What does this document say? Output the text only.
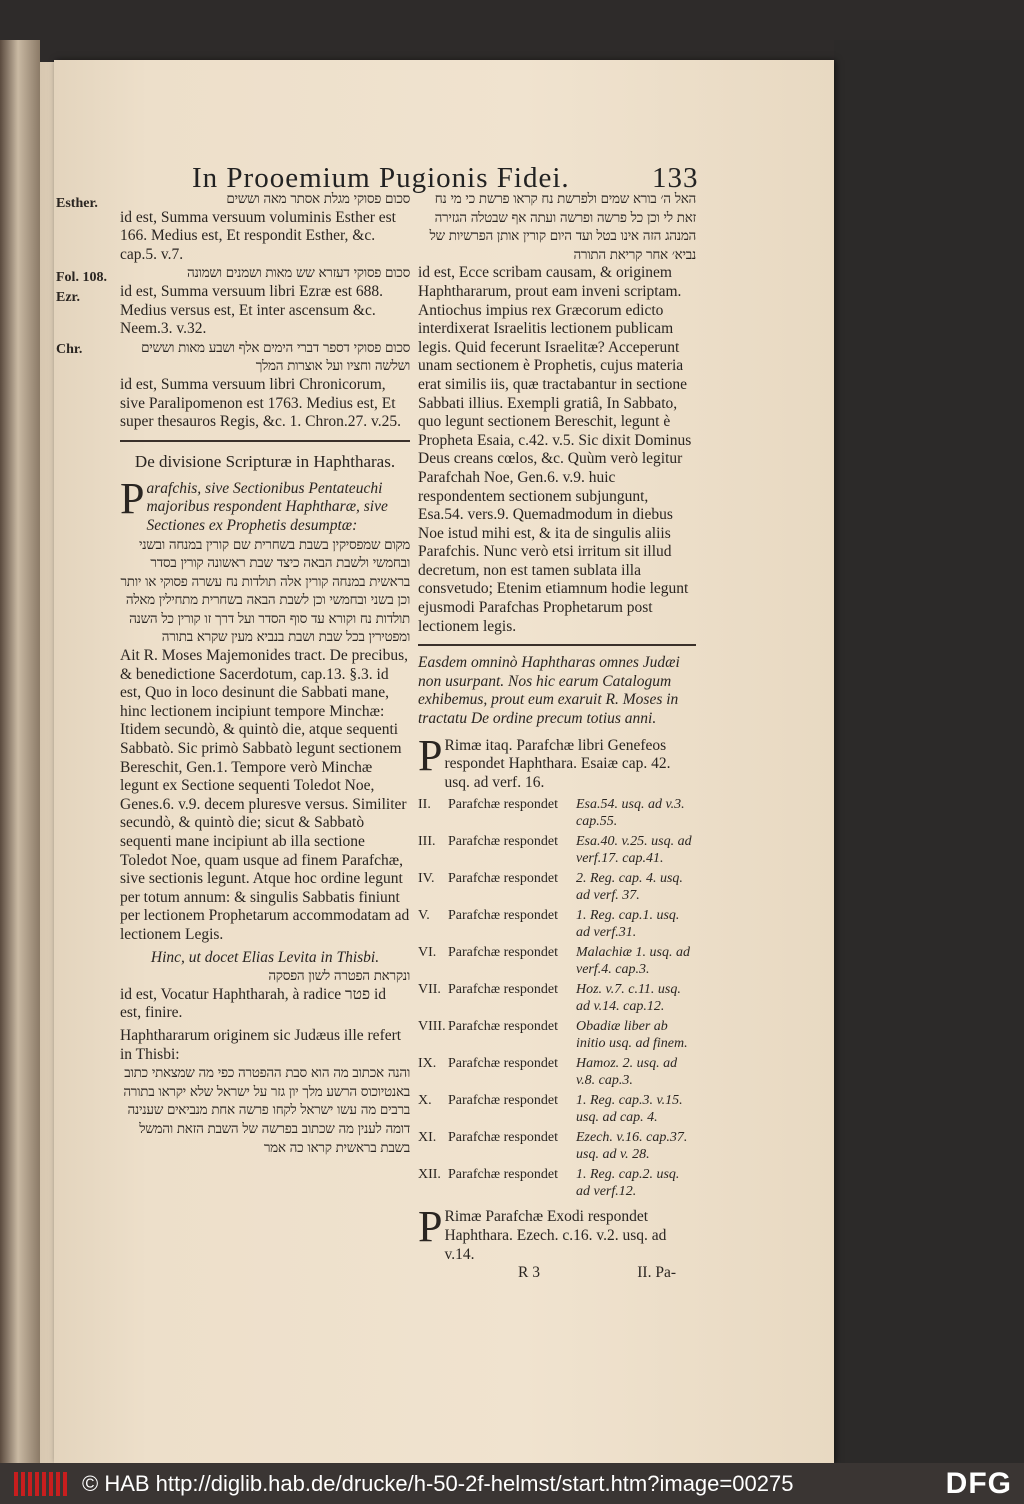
In Prooemium Pugionis Fidei.	133
Esther.
Fol. 108.
Ezr.
Chr.

סכום פסוקי מגלת אסתר מאה וששים

id est, Summa versuum voluminis Esther est 166. Medius est, Et respondit Esther, &c. cap.5. v.7.

סכום פסוקי דעזרא שש מאות ושמנים ושמונה

id est, Summa versuum libri Ezræ est 688. Medius versus est, Et inter ascensum &c. Neem.3. v.32.

סכום פסוקי דספר דברי הימים אלף ושבע מאות וששים ושלשה וחציו ועל אוצרות המלך

id est, Summa versuum libri Chronicorum, sive Paralipomenon est 1763. Medius est, Et super thesauros Regis, &c. 1. Chron.27. v.25.

De divisione Scripturæ in Haphtharas.

Parafchis, sive Sectionibus Pentateuchi majoribus respondent Haphtharæ, sive Sectiones ex Prophetis desumptæ:

מקום שמפסיקין בשבת בשחרית שם קורין במנחה ובשני ובחמשי ולשבת הבאה כיצד שבת ראשונה קורין בסדר בראשית במנחה קורין אלה תולדות נח עשרה פסוקי או יותר וכן בשני ובחמשי וכן לשבת הבאה בשחרית מתחילין מאלה תולדות נח וקורא עד סוף הסדר ועל דרך זו קורין כל השנה ומפטירין בכל שבת ושבת בנביא מעין שקרא בתורה

Ait R. Moses Majemonides tract. De precibus, & benedictione Sacerdotum, cap.13. §.3. id est, Quo in loco desinunt die Sabbati mane, hinc lectionem incipiunt tempore Minchæ: Itidem secundò, & quintò die, atque sequenti Sabbatò. Sic primò Sabbatò legunt sectionem Bereschit, Gen.1. Tempore verò Minchæ legunt ex Sectione sequenti Toledot Noe, Genes.6. v.9. decem pluresve versus. Similiter secundò, & quintò die; sicut & Sabbatò sequenti mane incipiunt ab illa sectione Toledot Noe, quam usque ad finem Parafchæ, sive sectionis legunt. Atque hoc ordine legunt per totum annum: & singulis Sabbatis finiunt per lectionem Prophetarum accommodatam ad lectionem Legis.

Hinc, ut docet Elias Levita in Thisbi.

ונקראת הפטרה לשון הפסקה

id est, Vocatur Haphtharah, à radice פטר id est, finire.

Haphthararum originem sic Judæus ille refert in Thisbi:

והנה אכתוב מה הוא סבת ההפטרה כפי מה שמצאתי כתוב באנטיוכוס הרשע מלך יון גזר על ישראל שלא יקראו בתורה ברבים מה עשו ישראל לקחו פרשה אחת מנביאים שענינה דומה לענין מה שכתוב בפרשה של השבת הזאת והמשל בשבת בראשית קראו כה אמר

האל ה׳ בורא שמים ולפרשת נח קראו פרשת כי מי נח זאת לי וכן כל פרשה ופרשה ועתה אף שבטלה הגזירה המנהג הזה אינו בטל ועד היום קורין אותן הפרשיות של נביא׳ אחר קריאת התורה

id est, Ecce scribam causam, & originem Haphthararum, prout eam inveni scriptam. Antiochus impius rex Græcorum edicto interdixerat Israelitis lectionem publicam legis. Quid fecerunt Israelitæ? Acceperunt unam sectionem è Prophetis, cujus materia erat similis iis, quæ tractabantur in sectione Sabbati illius. Exempli gratiâ, In Sabbato, quo legunt sectionem Bereschit, legunt è Propheta Esaia, c.42. v.5. Sic dixit Dominus Deus creans cœlos, &c. Quùm verò legitur Parafchah Noe, Gen.6. v.9. huic respondentem sectionem subjungunt, Esa.54. vers.9. Quemadmodum in diebus Noe istud mihi est, & ita de singulis aliis Parafchis. Nunc verò etsi irritum sit illud decretum, non est tamen sublata illa consvetudo; Etenim etiamnum hodie legunt ejusmodi Parafchas Prophetarum post lectionem legis.

Easdem omninò Haphtharas omnes Judæi non usurpant. Nos hic earum Catalogum exhibemus, prout eum exaruit R. Moses in tractatu De ordine precum totius anni.

P Rimæ itaq. Parafchæ libri Genefeos respondet Haphthara. Esaiæ cap. 42. usq. ad verf. 16.

II.	Parafchæ respondet	Esa.54. usq. ad v.3. cap.55.
III. Parafchæ respondet	Esa.40. v.25. usq. ad verf.17. cap.41.
IV. Parafchæ respondet	2. Reg. cap. 4. usq. ad verf. 37.
V.	Parafchæ respondet	1. Reg. cap.1. usq. ad verf.31.
VI. Parafchæ respondet	Malachiæ 1. usq. ad verf.4. cap.3.
VII. Parafchæ respondet	Hoz. v.7. c.11. usq. ad v.14. cap.12.
VIII. Parafchæ respondet	Obadiæ liber ab initio usq. ad finem.
IX. Parafchæ respondet	Hamoz. 2. usq. ad v.8. cap.3.
X.	Parafchæ respondet	1. Reg. cap.3. v.15. usq. ad cap. 4.
XI. Parafchæ respondet	Ezech. v.16. cap.37. usq. ad v. 28.
XII. Parafchæ respondet	1. Reg. cap.2. usq. ad verf.12.

P Rimæ Parafchæ Exodi respondet Haphthara. Ezech. c.16. v.2. usq. ad v.14.

R 3	II. Pa-

© HAB http://diglib.hab.de/drucke/h-50-2f-helmst/start.htm?image=00275	DFG
